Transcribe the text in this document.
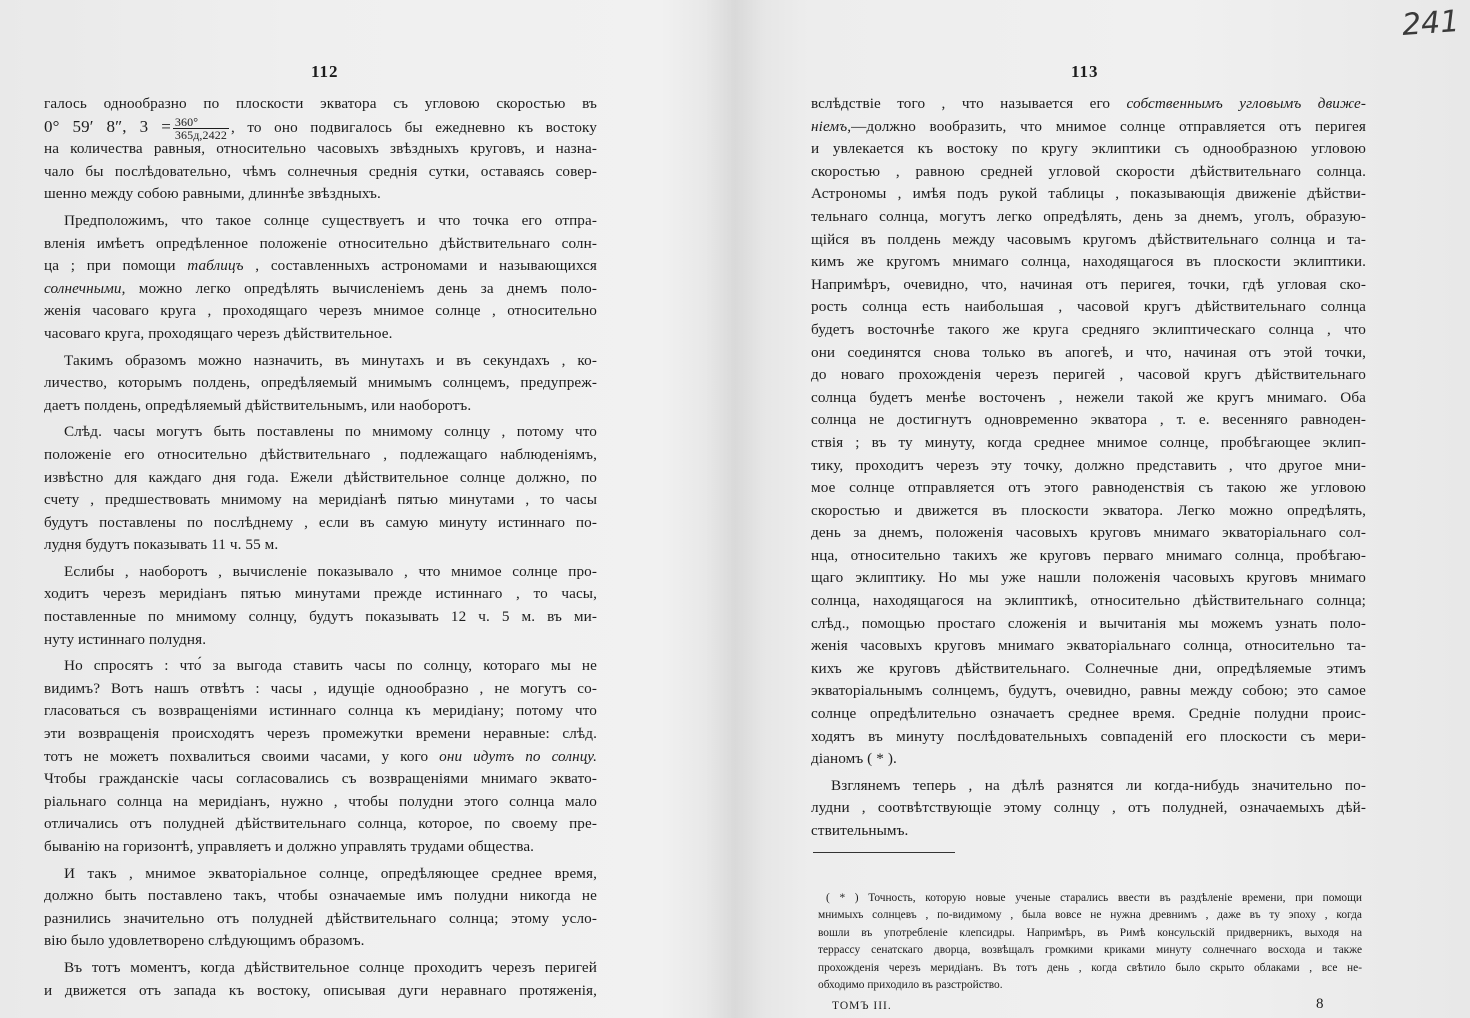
112
галось однообразно по плоскости экватора съ угловою скоростью въ
0° 59′ 8″, $3 = \frac{360^\circ}{365д,2422}$ , то оно подвигалось бы ежедневно къ востоку
на количества равныя, относительно часовыхъ звѣздныхъ круговъ, и назна-
чало бы послѣдовательно, чѣмъ солнечныя среднія сутки, оставаясь совер-
шенно между собою равными, длиннѣе звѣздныхъ.
Предположимъ, что такое солнце существуетъ и что точка его отпра-
вленія имѣетъ опредѣленное положеніе относительно дѣйствительнаго солн-
ца ; при помощи таблицъ , составленныхъ астрономами и называющихся
солнечными, можно легко опредѣлять вычисленіемъ день за днемъ поло-
женія часоваго круга , проходящаго черезъ мнимое солнце , относительно
часоваго круга, проходящаго черезъ дѣйствительное.
Такимъ образомъ можно назначить, въ минутахъ и въ секундахъ , ко-
личество, которымъ полдень, опредѣляемый мнимымъ солнцемъ, предупреж-
даетъ полдень, опредѣляемый дѣйствительнымъ, или наоборотъ.
Слѣд. часы могутъ быть поставлены по мнимому солнцу , потому что
положеніе его относительно дѣйствительнаго , подлежащаго наблюденіямъ,
извѣстно для каждаго дня года. Ежели дѣйствительное солнце должно, по
счету , предшествовать мнимому на меридіанѣ пятью минутами , то часы
будутъ поставлены по послѣднему , если въ самую минуту истиннаго по-
лудня будутъ показывать 11 ч. 55 м.
Еслибы , наоборотъ , вычисленіе показывало , что мнимое солнце про-
ходитъ черезъ меридіанъ пятью минутами прежде истиннаго , то часы,
поставленные по мнимому солнцу, будутъ показывать 12 ч. 5 м. въ ми-
нуту истиннаго полудня.
Но спросятъ : что́ за выгода ставить часы по солнцу, котораго мы не
видимъ? Вотъ нашъ отвѣтъ : часы , идущіе однообразно , не могутъ со-
гласоваться съ возвращеніями истиннаго солнца къ меридіану; потому что
эти возвращенія происходятъ черезъ промежутки времени неравные: слѣд.
тотъ не можетъ похвалиться своими часами, у кого они идутъ по солнцу.
Чтобы гражданскіе часы согласовались съ возвращеніями мнимаго эквато-
ріальнаго солнца на меридіанъ, нужно , чтобы полудни этого солнца мало
отличались отъ полудней дѣйствительнаго солнца, которое, по своему пре-
быванію на горизонтѣ, управляетъ и должно управлять трудами общества.
И такъ , мнимое экваторіальное солнце, опредѣляющее среднее время,
должно быть поставлено такъ, чтобы означаемые имъ полудни никогда не
разнились значительно отъ полудней дѣйствительнаго солнца; этому усло-
вію было удовлетворено слѣдующимъ образомъ.
Въ тотъ моментъ, когда дѣйствительное солнце проходитъ черезъ перигей
и движется отъ запада къ востоку, описывая дуги неравнаго протяженія,
241
113
вслѣдствіе того , что называется его собственнымъ угловымъ движе-
ніемъ,—должно вообразить, что мнимое солнце отправляется отъ перигея
и увлекается къ востоку по кругу эклиптики съ однообразною угловою
скоростью , равною средней угловой скорости дѣйствительнаго солнца.
Астрономы , имѣя подъ рукой таблицы , показывающія движеніе дѣйстви-
тельнаго солнца, могутъ легко опредѣлять, день за днемъ, уголъ, образую-
щійся въ полдень между часовымъ кругомъ дѣйствительнаго солнца и та-
кимъ же кругомъ мнимаго солнца, находящагося въ плоскости эклиптики.
Напримѣръ, очевидно, что, начиная отъ перигея, точки, гдѣ угловая ско-
рость солнца есть наибольшая , часовой кругъ дѣйствительнаго солнца
будетъ восточнѣе такого же круга средняго эклиптическаго солнца , что
они соединятся снова только въ апогеѣ, и что, начиная отъ этой точки,
до новаго прохожденія черезъ перигей , часовой кругъ дѣйствительнаго
солнца будетъ менѣе восточенъ , нежели такой же кругъ мнимаго. Оба
солнца не достигнутъ одновременно экватора , т. е. весенняго равноден-
ствія ; въ ту минуту, когда среднее мнимое солнце, пробѣгающее эклип-
тику, проходитъ черезъ эту точку, должно представить , что другое мни-
мое солнце отправляется отъ этого равноденствія съ такою же угловою
скоростью и движется въ плоскости экватора. Легко можно опредѣлять,
день за днемъ, положенія часовыхъ круговъ мнимаго экваторіальнаго сол-
нца, относительно такихъ же круговъ перваго мнимаго солнца, пробѣгаю-
щаго эклиптику. Но мы уже нашли положенія часовыхъ круговъ мнимаго
солнца, находящагося на эклиптикѣ, относительно дѣйствительнаго солнца;
слѣд., помощью простаго сложенія и вычитанія мы можемъ узнать поло-
женія часовыхъ круговъ мнимаго экваторіальнаго солнца, относительно та-
кихъ же круговъ дѣйствительнаго. Солнечные дни, опредѣляемые этимъ
экваторіальнымъ солнцемъ, будутъ, очевидно, равны между собою; это самое
солнце опредѣлительно означаетъ среднее время. Средніе полудни проис-
ходятъ въ минуту послѣдовательныхъ совпаденій его плоскости съ мери-
діаномъ ( * ).
Взглянемъ теперь , на дѣлѣ разнятся ли когда-нибудь значительно по-
лудни , соотвѣтствующіе этому солнцу , отъ полудней, означаемыхъ дѣй-
ствительнымъ.
( * ) Точность, которую новые ученые старались ввести въ раздѣленіе времени, при помощи
мнимыхъ солнцевъ , по-видимому , была вовсе не нужна древнимъ , даже въ ту эпоху , когда
вошли въ употребленіе клепсидры. Напримѣръ, въ Римѣ консульскій придверникъ, выходя на
террассу сенатскаго дворца, возвѣщалъ громкими криками минуту солнечнаго восхода и также
прохожденія черезъ меридіанъ. Въ тотъ день , когда свѣтило было скрыто облаками , все не-
обходимо приходило въ разстройство.
ТОМЪ III.	8
